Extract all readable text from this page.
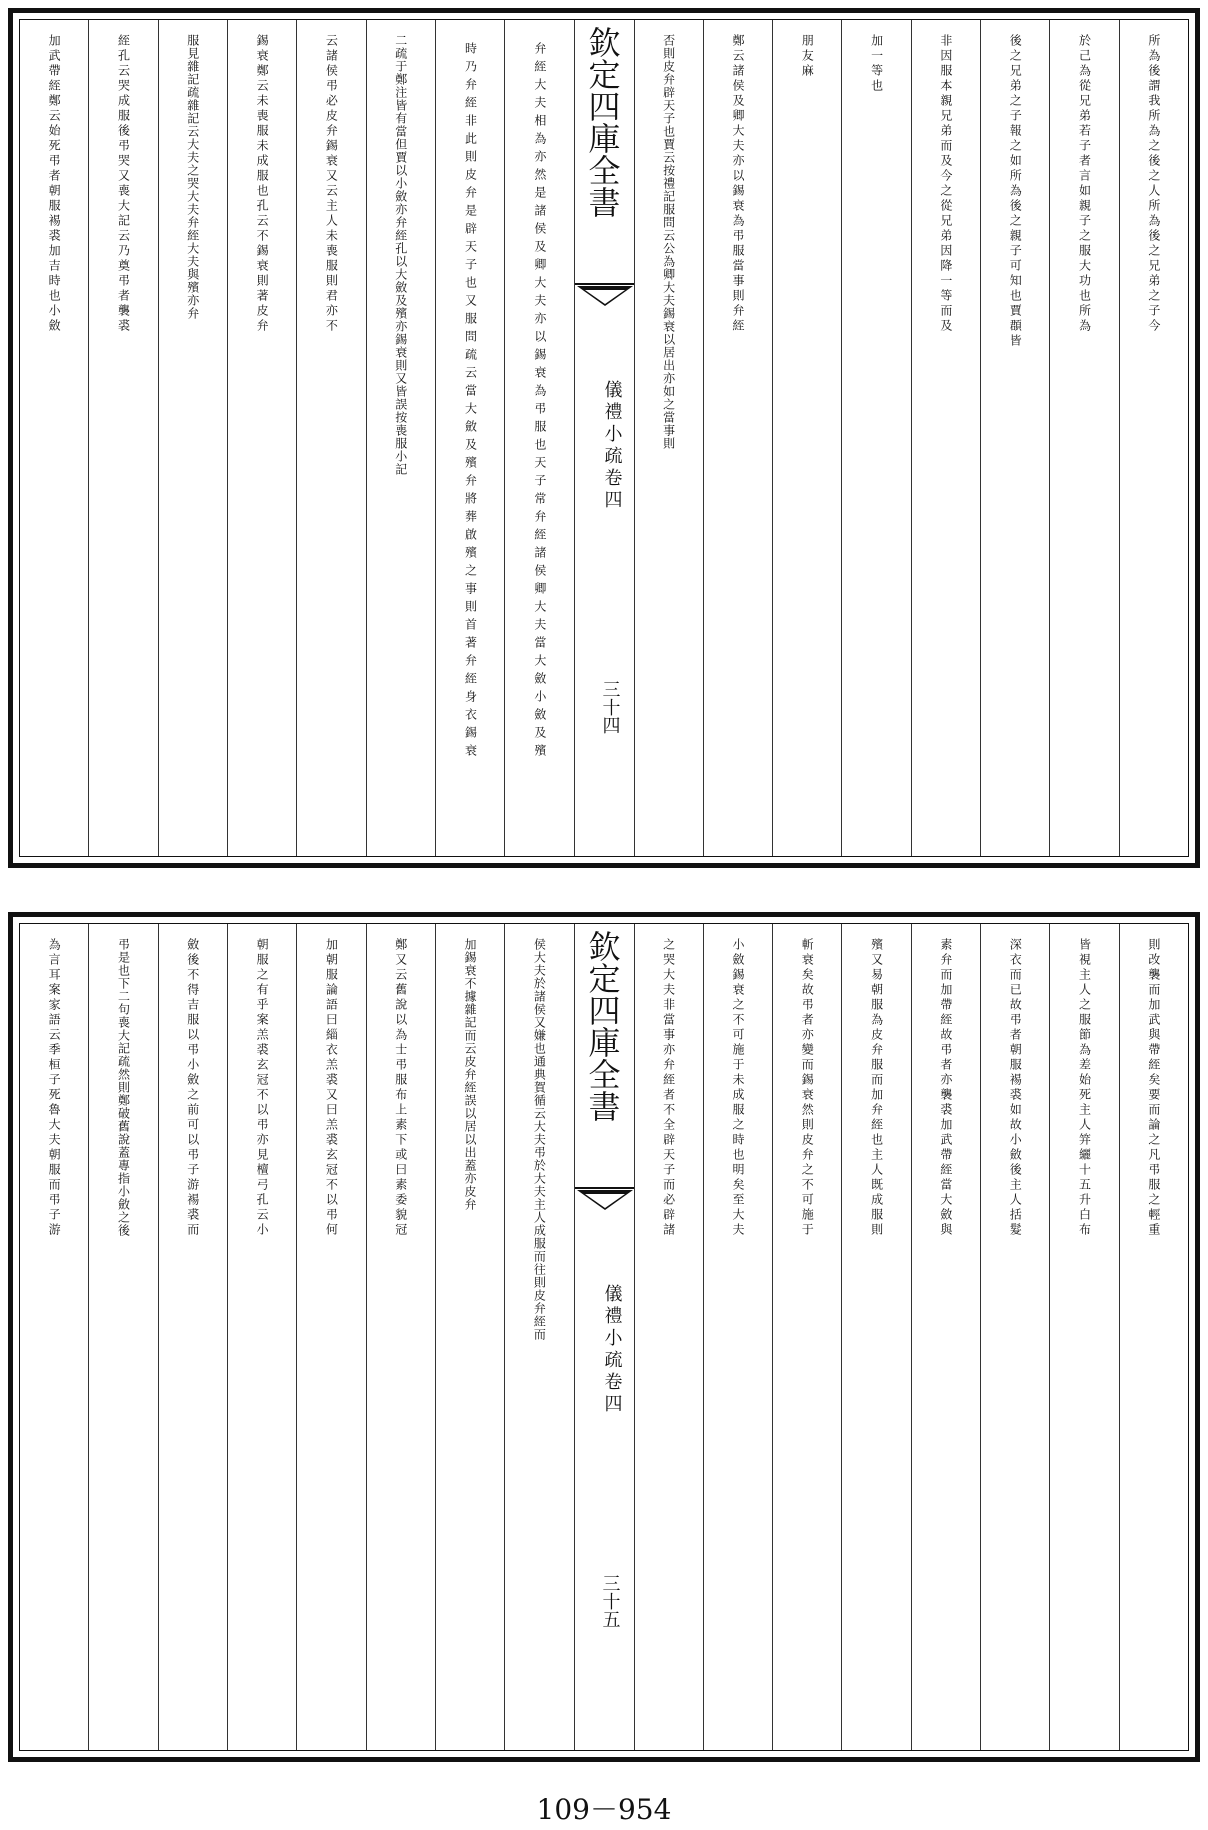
所為後謂我所為之後之人所為後之兄弟之子今
於己為從兄弟若子者言如親子之服大功也所為
後之兄弟之子報之如所為後之親子可知也賈頵皆
非因服本親兄弟而及今之從兄弟因降一等而及
加一等也
朋友麻
鄭云諸侯及卿大夫亦以錫衰為弔服當事則弁絰
否則皮弁辟天子也賈云按禮記服問云公為卿大夫錫衰以居出亦如之當事則
欽定四庫全書
儀禮小疏卷四
三十四
弁絰大夫相為亦然是諸侯及卿大夫亦以錫衰為弔服也天子常弁絰諸侯卿大夫當大斂小斂及殯
時乃弁絰非此則皮弁是辟天子也又服問疏云當大斂及殯弁將葬啟殯之事則首著弁絰身衣錫衰
二疏于鄭注皆有當但賈以小斂亦弁絰孔以大斂及殯亦錫衰則又皆誤按喪服小記
云諸侯弔必皮弁錫衰又云主人未喪服則君亦不
錫衰鄭云未喪服未成服也孔云不錫衰則著皮弁
服見雜記疏雜記云大夫之哭大夫弁絰大夫與殯亦弁
絰孔云哭成服後弔哭又喪大記云乃奠弔者襲裘
加武帶絰鄭云始死弔者朝服裼裘加吉時也小斂
則改襲而加武與帶絰矣要而論之凡弔服之輕重
皆視主人之服節為差始死主人笄纚十五升白布
深衣而已故弔者朝服裼裘如故小斂後主人括髮
素弁而加帶絰故弔者亦襲裘加武帶絰當大斂與
殯又易朝服為皮弁服而加弁絰也主人既成服則
斬衰矣故弔者亦變而錫衰然則皮弁之不可施于
小斂錫衰之不可施于未成服之時也明矣至大夫
之哭大夫非當事亦弁絰者不全辟天子而必辟諸
欽定四庫全書
儀禮小疏卷四
三十五
侯大夫於諸侯又嫌也通典賀循云大夫弔於大夫主人成服而往則皮弁絰而
加錫衰不據雜記而云皮弁絰誤以居以出蓋亦皮弁
鄭又云舊說以為士弔服布上素下或曰素委貌冠
加朝服論語曰緇衣羔裘又曰羔裘玄冠不以弔何
朝服之有乎案羔裘玄冠不以弔亦見檀弓孔云小
斂後不得吉服以弔小斂之前可以弔子游裼裘而
弔是也下二句喪大記疏然則鄭破舊說蓋專指小斂之後
為言耳案家語云季桓子死魯大夫朝服而弔子游
109－954
